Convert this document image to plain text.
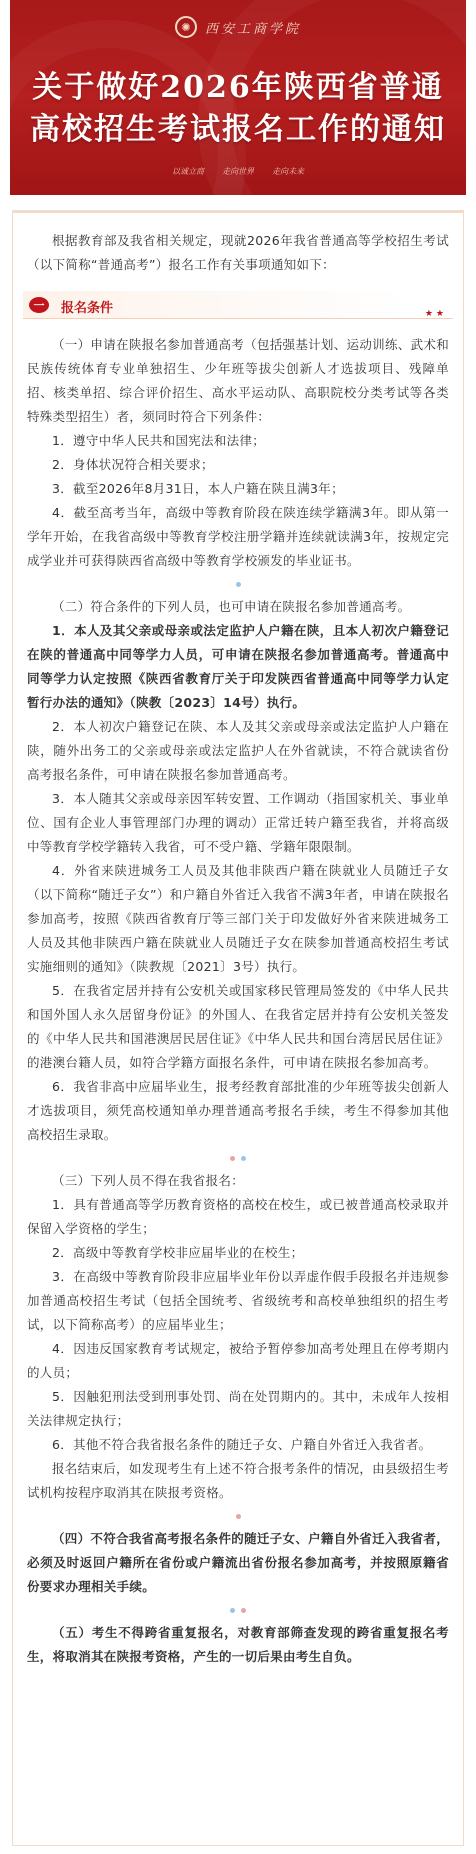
✺	西安工商学院
关于做好2026年陕西省普通
高校招生考试报名工作的通知
以诚立商 走向世界 走向未来

根据教育部及我省相关规定，现就2026年我省普通高等学校招生考试（以下简称“普通高考”）报名工作有关事项通知如下：

一	报名条件	★★

（一）申请在陕报名参加普通高考（包括强基计划、运动训练、武术和民族传统体育专业单独招生、少年班等拔尖创新人才选拔项目、残障单招、核类单招、综合评价招生、高水平运动队、高职院校分类考试等各类特殊类型招生）者，须同时符合下列条件：

1．遵守中华人民共和国宪法和法律；

2．身体状况符合相关要求；

3．截至2026年8月31日，本人户籍在陕且满3年；

4．截至高考当年，高级中等教育阶段在陕连续学籍满3年。即从第一学年开始，在我省高级中等教育学校注册学籍并连续就读满3年，按规定完成学业并可获得陕西省高级中等教育学校颁发的毕业证书。

（二）符合条件的下列人员，也可申请在陕报名参加普通高考。

1．本人及其父亲或母亲或法定监护人户籍在陕，且本人初次户籍登记在陕的普通高中同等学力人员，可申请在陕报名参加普通高考。普通高中同等学力认定按照《陕西省教育厅关于印发陕西省普通高中同等学力认定暂行办法的通知》（陕教〔2023〕14号）执行。

2．本人初次户籍登记在陕、本人及其父亲或母亲或法定监护人户籍在陕，随外出务工的父亲或母亲或法定监护人在外省就读，不符合就读省份高考报名条件，可申请在陕报名参加普通高考。

3．本人随其父亲或母亲因军转安置、工作调动（指国家机关、事业单位、国有企业人事管理部门办理的调动）正常迁转户籍至我省，并将高级中等教育学校学籍转入我省，可不受户籍、学籍年限限制。

4．外省来陕进城务工人员及其他非陕西户籍在陕就业人员随迁子女（以下简称“随迁子女”）和户籍自外省迁入我省不满3年者，申请在陕报名参加高考，按照《陕西省教育厅等三部门关于印发做好外省来陕进城务工人员及其他非陕西户籍在陕就业人员随迁子女在陕参加普通高校招生考试实施细则的通知》（陕教规〔2021〕3号）执行。

5．在我省定居并持有公安机关或国家移民管理局签发的《中华人民共和国外国人永久居留身份证》的外国人、在我省定居并持有公安机关签发的《中华人民共和国港澳居民居住证》《中华人民共和国台湾居民居住证》的港澳台籍人员，如符合学籍方面报名条件，可申请在陕报名参加高考。

6．我省非高中应届毕业生，报考经教育部批准的少年班等拔尖创新人才选拔项目，须凭高校通知单办理普通高考报名手续，考生不得参加其他高校招生录取。

（三）下列人员不得在我省报名：

1．具有普通高等学历教育资格的高校在校生，或已被普通高校录取并保留入学资格的学生；

2．高级中等教育学校非应届毕业的在校生；

3．在高级中等教育阶段非应届毕业年份以弄虚作假手段报名并违规参加普通高校招生考试（包括全国统考、省级统考和高校单独组织的招生考试，以下简称高考）的应届毕业生；

4．因违反国家教育考试规定，被给予暂停参加高考处理且在停考期内的人员；

5．因触犯刑法受到刑事处罚、尚在处罚期内的。其中，未成年人按相关法律规定执行；

6．其他不符合我省报名条件的随迁子女、户籍自外省迁入我省者。

报名结束后，如发现考生有上述不符合报考条件的情况，由县级招生考试机构按程序取消其在陕报考资格。

（四）不符合我省高考报名条件的随迁子女、户籍自外省迁入我省者，必须及时返回户籍所在省份或户籍流出省份报名参加高考，并按照原籍省份要求办理相关手续。

（五）考生不得跨省重复报名，对教育部筛查发现的跨省重复报名考生，将取消其在陕报考资格，产生的一切后果由考生自负。
